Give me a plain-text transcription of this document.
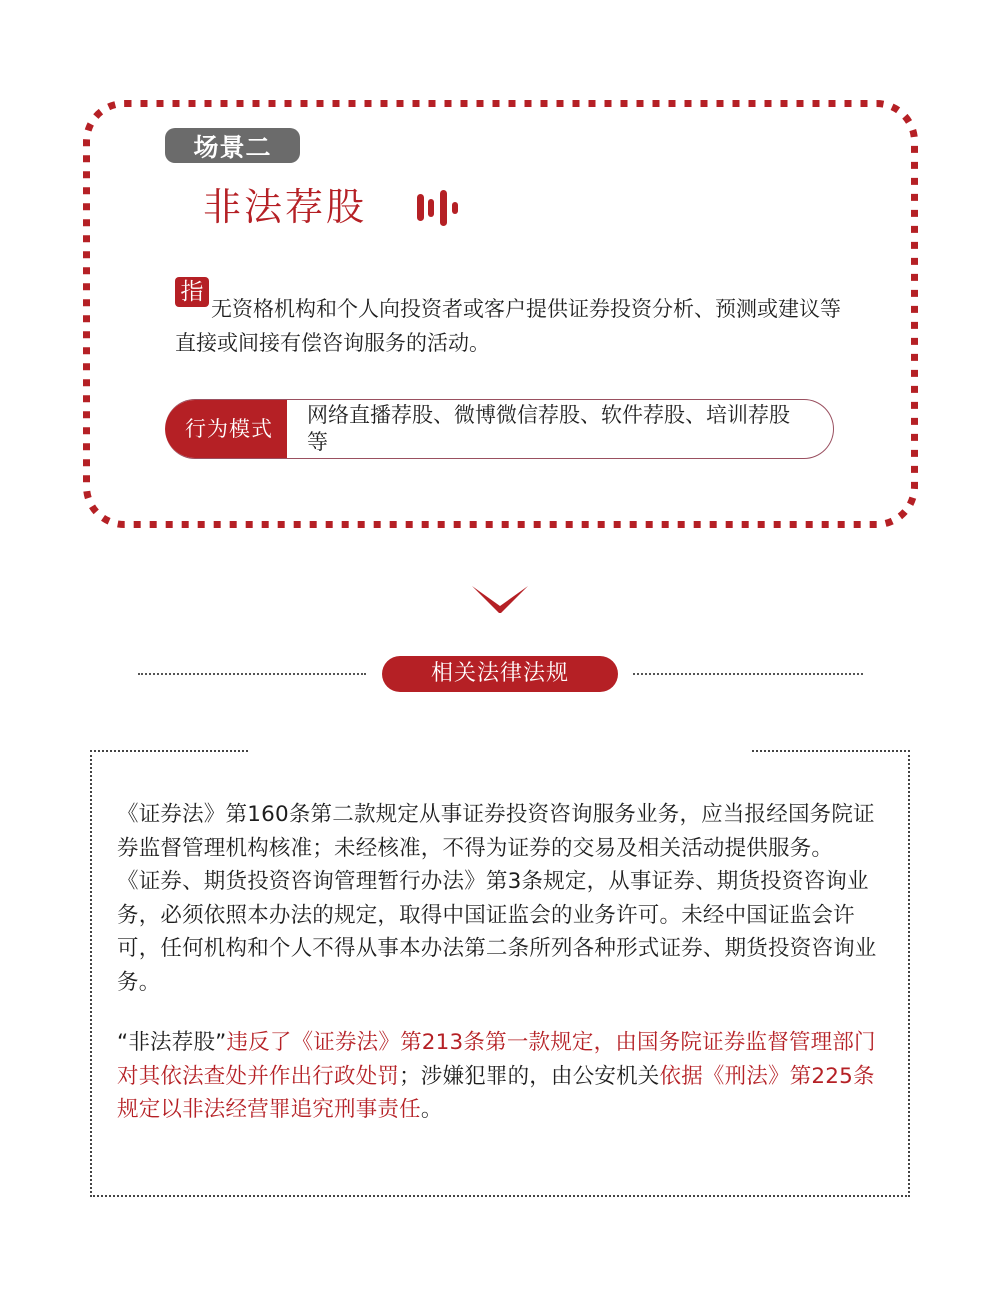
场景二
非法荐股
指
无资格机构和个人向投资者或客户提供证券投资分析、预测或建议等直接或间接有偿咨询服务的活动。
行为模式
网络直播荐股、微博微信荐股、软件荐股、培训荐股等
相关法律法规

《证券法》第160条第二款规定从事证券投资咨询服务业务，应当报经国务院证券监督管理机构核准；未经核准，不得为证券的交易及相关活动提供服务。

《证券、期货投资咨询管理暂行办法》第3条规定，从事证券、期货投资咨询业务，必须依照本办法的规定，取得中国证监会的业务许可。未经中国证监会许可，任何机构和个人不得从事本办法第二条所列各种形式证券、期货投资咨询业务。

“非法荐股”违反了《证券法》第213条第一款规定，由国务院证券监督管理部门对其依法查处并作出行政处罚；涉嫌犯罪的，由公安机关依据《刑法》第225条规定以非法经营罪追究刑事责任。
